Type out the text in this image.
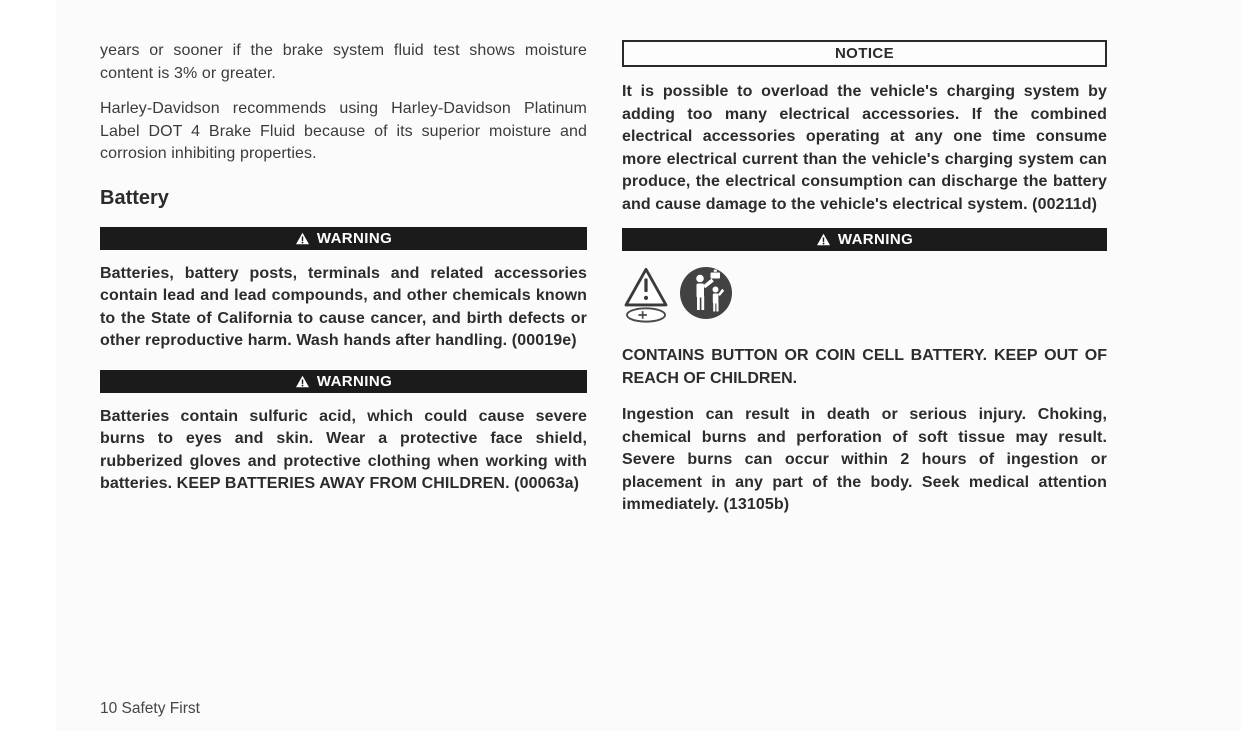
years or sooner if the brake system fluid test shows moisture content is 3% or greater.

Harley-Davidson recommends using Harley-Davidson Platinum Label DOT 4 Brake Fluid because of its superior moisture and corrosion inhibiting properties.

Battery
WARNING

Batteries, battery posts, terminals and related accessories contain lead and lead compounds, and other chemicals known to the State of California to cause cancer, and birth defects or other reproductive harm. Wash hands after handling. (00019e)

WARNING

Batteries contain sulfuric acid, which could cause severe burns to eyes and skin. Wear a protective face shield, rubberized gloves and protective clothing when working with batteries. KEEP BATTERIES AWAY FROM CHILDREN. (00063a)

NOTICE

It is possible to overload the vehicle's charging system by adding too many electrical accessories. If the combined electrical accessories operating at any one time consume more electrical current than the vehicle's charging system can produce, the electrical consumption can discharge the battery and cause damage to the vehicle's electrical system. (00211d)

WARNING

CONTAINS BUTTON OR COIN CELL BATTERY. KEEP OUT OF REACH OF CHILDREN.

Ingestion can result in death or serious injury. Choking, chemical burns and perforation of soft tissue may result. Severe burns can occur within 2 hours of ingestion or placement in any part of the body. Seek medical attention immediately. (13105b)

10 Safety First
